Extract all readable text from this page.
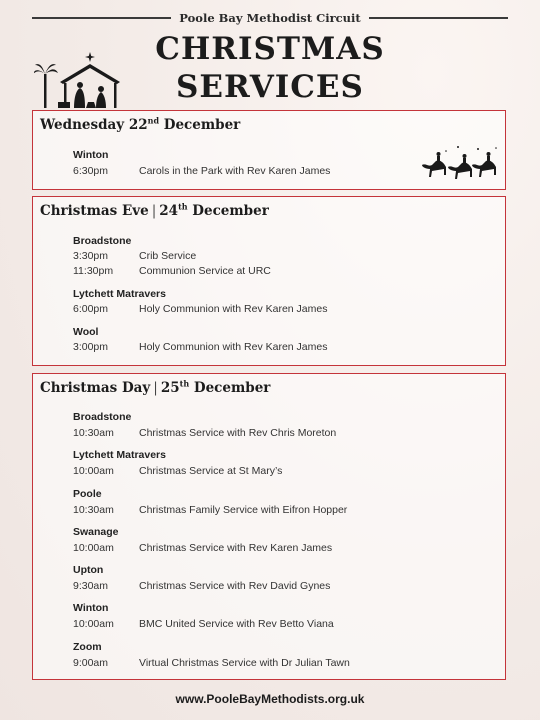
Poole Bay Methodist Circuit
CHRISTMAS
SERVICES
Wednesday 22nd December
Winton
6:30pm	Carols in the Park with Rev Karen James
Christmas Eve | 24th December
Broadstone
3:30pm	Crib Service
11:30pm Communion Service at URC
Lytchett Matravers
6:00pm	Holy Communion with Rev Karen James
Wool
3:00pm	Holy Communion with Rev Karen James
Christmas Day | 25th December
Broadstone
10:30am Christmas Service with Rev Chris Moreton
Lytchett Matravers
10:00am Christmas Service at St Mary’s
Poole
10:30am Christmas Family Service with Eifron Hopper
Swanage
10:00am Christmas Service with Rev Karen James
Upton
9:30am	Christmas Service with Rev David Gynes
Winton
10:00am BMC United Service with Rev Betto Viana
Zoom
9:00am	Virtual Christmas Service with Dr Julian Tawn
www.PooleBayMethodists.org.uk
